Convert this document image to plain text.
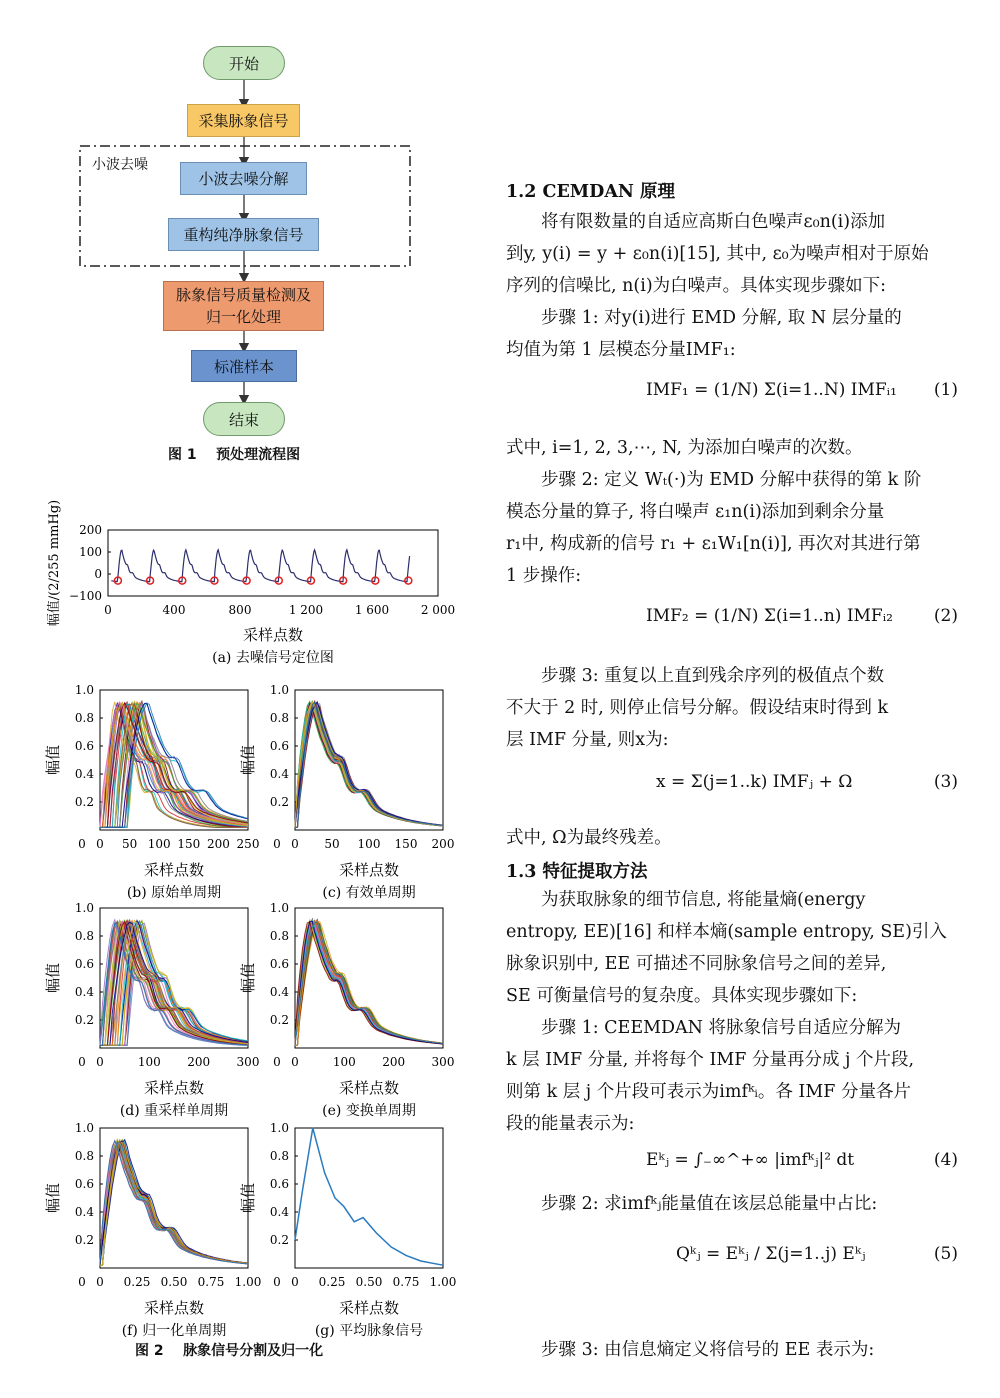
开始
采集脉象信号
小波去噪
小波去噪分解
重构纯净脉象信号
脉象信号质量检测及
归一化处理
标准样本
结束
图 1 预处理流程图
200
100
0
−100
0	400	800	1 200	1 600	2 000
采样点数
幅值/(2/255 mmHg)
(a) 去噪信号定位图
1.0
0.8
0.6
0.4
0.2
0 50 100 150 200 250
0
采样点数
幅值
(b) 原始单周期
1.0
0.8
0.6
0.4
0.2
0 50 100 150 200
0
采样点数
幅值
(c) 有效单周期
1.0
0.8
0.6
0.4
0.2
0	100 200 300
0
采样点数
幅值
(d) 重采样单周期
1.0
0.8
0.6
0.4
0.2
0	100 200 300
0
采样点数
幅值
(e) 变换单周期
1.0
0.8
0.6
0.4
0.2
0 0.25 0.50 0.75 1.00
0
采样点数
幅值
(f) 归一化单周期
1.0
0.8
0.6
0.4
0.2
0 0.25 0.50 0.75 1.00
0
采样点数
幅值
(g) 平均脉象信号
图 2 脉象信号分割及归一化
1.2 CEMDAN 原理
将有限数量的自适应高斯白色噪声ε₀n(i)添加
到y, y(i) = y + ε₀n(i)[15], 其中, ε₀为噪声相对于原始
序列的信噪比, n(i)为白噪声。具体实现步骤如下:
步骤 1: 对y(i)进行 EMD 分解, 取 N 层分量的
均值为第 1 层模态分量IMF₁:
IMF₁ = (1/N) Σ(i=1..N) IMFᵢ₁ (1)
式中, i=1, 2, 3,⋯, N, 为添加白噪声的次数。
步骤 2: 定义 Wₜ(·)为 EMD 分解中获得的第 k 阶
模态分量的算子, 将白噪声 ε₁n(i)添加到剩余分量
r₁中, 构成新的信号 r₁ + ε₁W₁[n(i)], 再次对其进行第
1 步操作:
IMF₂ = (1/N) Σ(i=1..n) IMFᵢ₂ (2)
步骤 3: 重复以上直到残余序列的极值点个数
不大于 2 时, 则停止信号分解。假设结束时得到 k
层 IMF 分量, 则x为:
x = Σ(j=1..k) IMFⱼ + Ω	(3)
式中, Ω为最终残差。
1.3 特征提取方法
为获取脉象的细节信息, 将能量熵(energy
entropy, EE)[16] 和样本熵(sample entropy, SE)引入
脉象识别中, EE 可描述不同脉象信号之间的差异,
SE 可衡量信号的复杂度。具体实现步骤如下:
步骤 1: CEEMDAN 将脉象信号自适应分解为
k 层 IMF 分量, 并将每个 IMF 分量再分成 j 个片段,
则第 k 层 j 个片段可表示为imfᵏᵢ。各 IMF 分量各片
段的能量表示为:
Eᵏⱼ = ∫₋∞^+∞ |imfᵏⱼ|² dt	(4)
步骤 2: 求imfᵏⱼ能量值在该层总能量中占比:
Qᵏⱼ = Eᵏⱼ / Σ(j=1..j) Eᵏⱼ	(5)
步骤 3: 由信息熵定义将信号的 EE 表示为:
